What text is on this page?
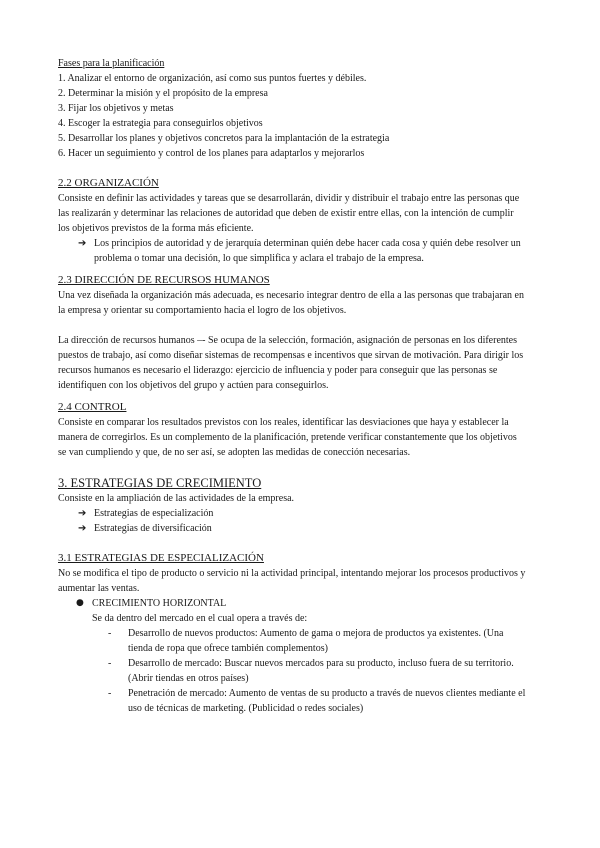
Fases para la planificación

1. Analizar el entorno de organización, así como sus puntos fuertes y débiles.

2. Determinar la misión y el propósito de la empresa

3. Fijar los objetivos y metas

4. Escoger la estrategia para conseguirlos objetivos

5. Desarrollar los planes y objetivos concretos para la implantación de la estrategia

6. Hacer un seguimiento y control de los planes para adaptarlos y mejorarlos

2.2 ORGANIZACIÓN

Consiste en definir las actividades y tareas que se desarrollarán, dividir y distribuir el trabajo entre las personas que las realizarán y determinar las relaciones de autoridad que deben de existir entre ellas, con la intención de cumplir los objetivos previstos de la forma más eficiente.

➔ Los principios de autoridad y de jerarquía determinan quién debe hacer cada cosa y quién debe resolver un problema o tomar una decisión, lo que simplifica y aclara el trabajo de la empresa.

2.3 DIRECCIÓN DE RECURSOS HUMANOS

Una vez diseñada la organización más adecuada, es necesario integrar dentro de ella a las personas que trabajaran en la empresa y orientar su comportamiento hacia el logro de los objetivos.

La dirección de recursos humanos –- Se ocupa de la selección, formación, asignación de personas en los diferentes puestos de trabajo, así como diseñar sistemas de recompensas e incentivos que sirvan de motivación. Para dirigir los recursos humanos es necesario el liderazgo: ejercicio de influencia y poder para conseguir que las personas se identifiquen con los objetivos del grupo y actúen para conseguirlos.

2.4 CONTROL

Consiste en comparar los resultados previstos con los reales, identificar las desviaciones que haya y establecer la manera de corregirlos. Es un complemento de la planificación, pretende verificar constantemente que los objetivos se van cumpliendo y que, de no ser así, se adopten las medidas de conección necesarias.

3. ESTRATEGIAS DE CRECIMIENTO

Consiste en la ampliación de las actividades de la empresa.

➔ Estrategias de especialización
➔ Estrategias de diversificación

3.1 ESTRATEGIAS DE ESPECIALIZACIÓN

No se modifica el tipo de producto o servicio ni la actividad principal, intentando mejorar los procesos productivos y aumentar las ventas.

● CRECIMIENTO HORIZONTAL

Se da dentro del mercado en el cual opera a través de:

-	Desarrollo de nuevos productos: Aumento de gama o mejora de productos ya existentes. (Una tienda de ropa que ofrece también complementos)
-	Desarrollo de mercado: Buscar nuevos mercados para su producto, incluso fuera de su territorio. (Abrir tiendas en otros países)
-	Penetración de mercado: Aumento de ventas de su producto a través de nuevos clientes mediante el uso de técnicas de marketing. (Publicidad o redes sociales)
